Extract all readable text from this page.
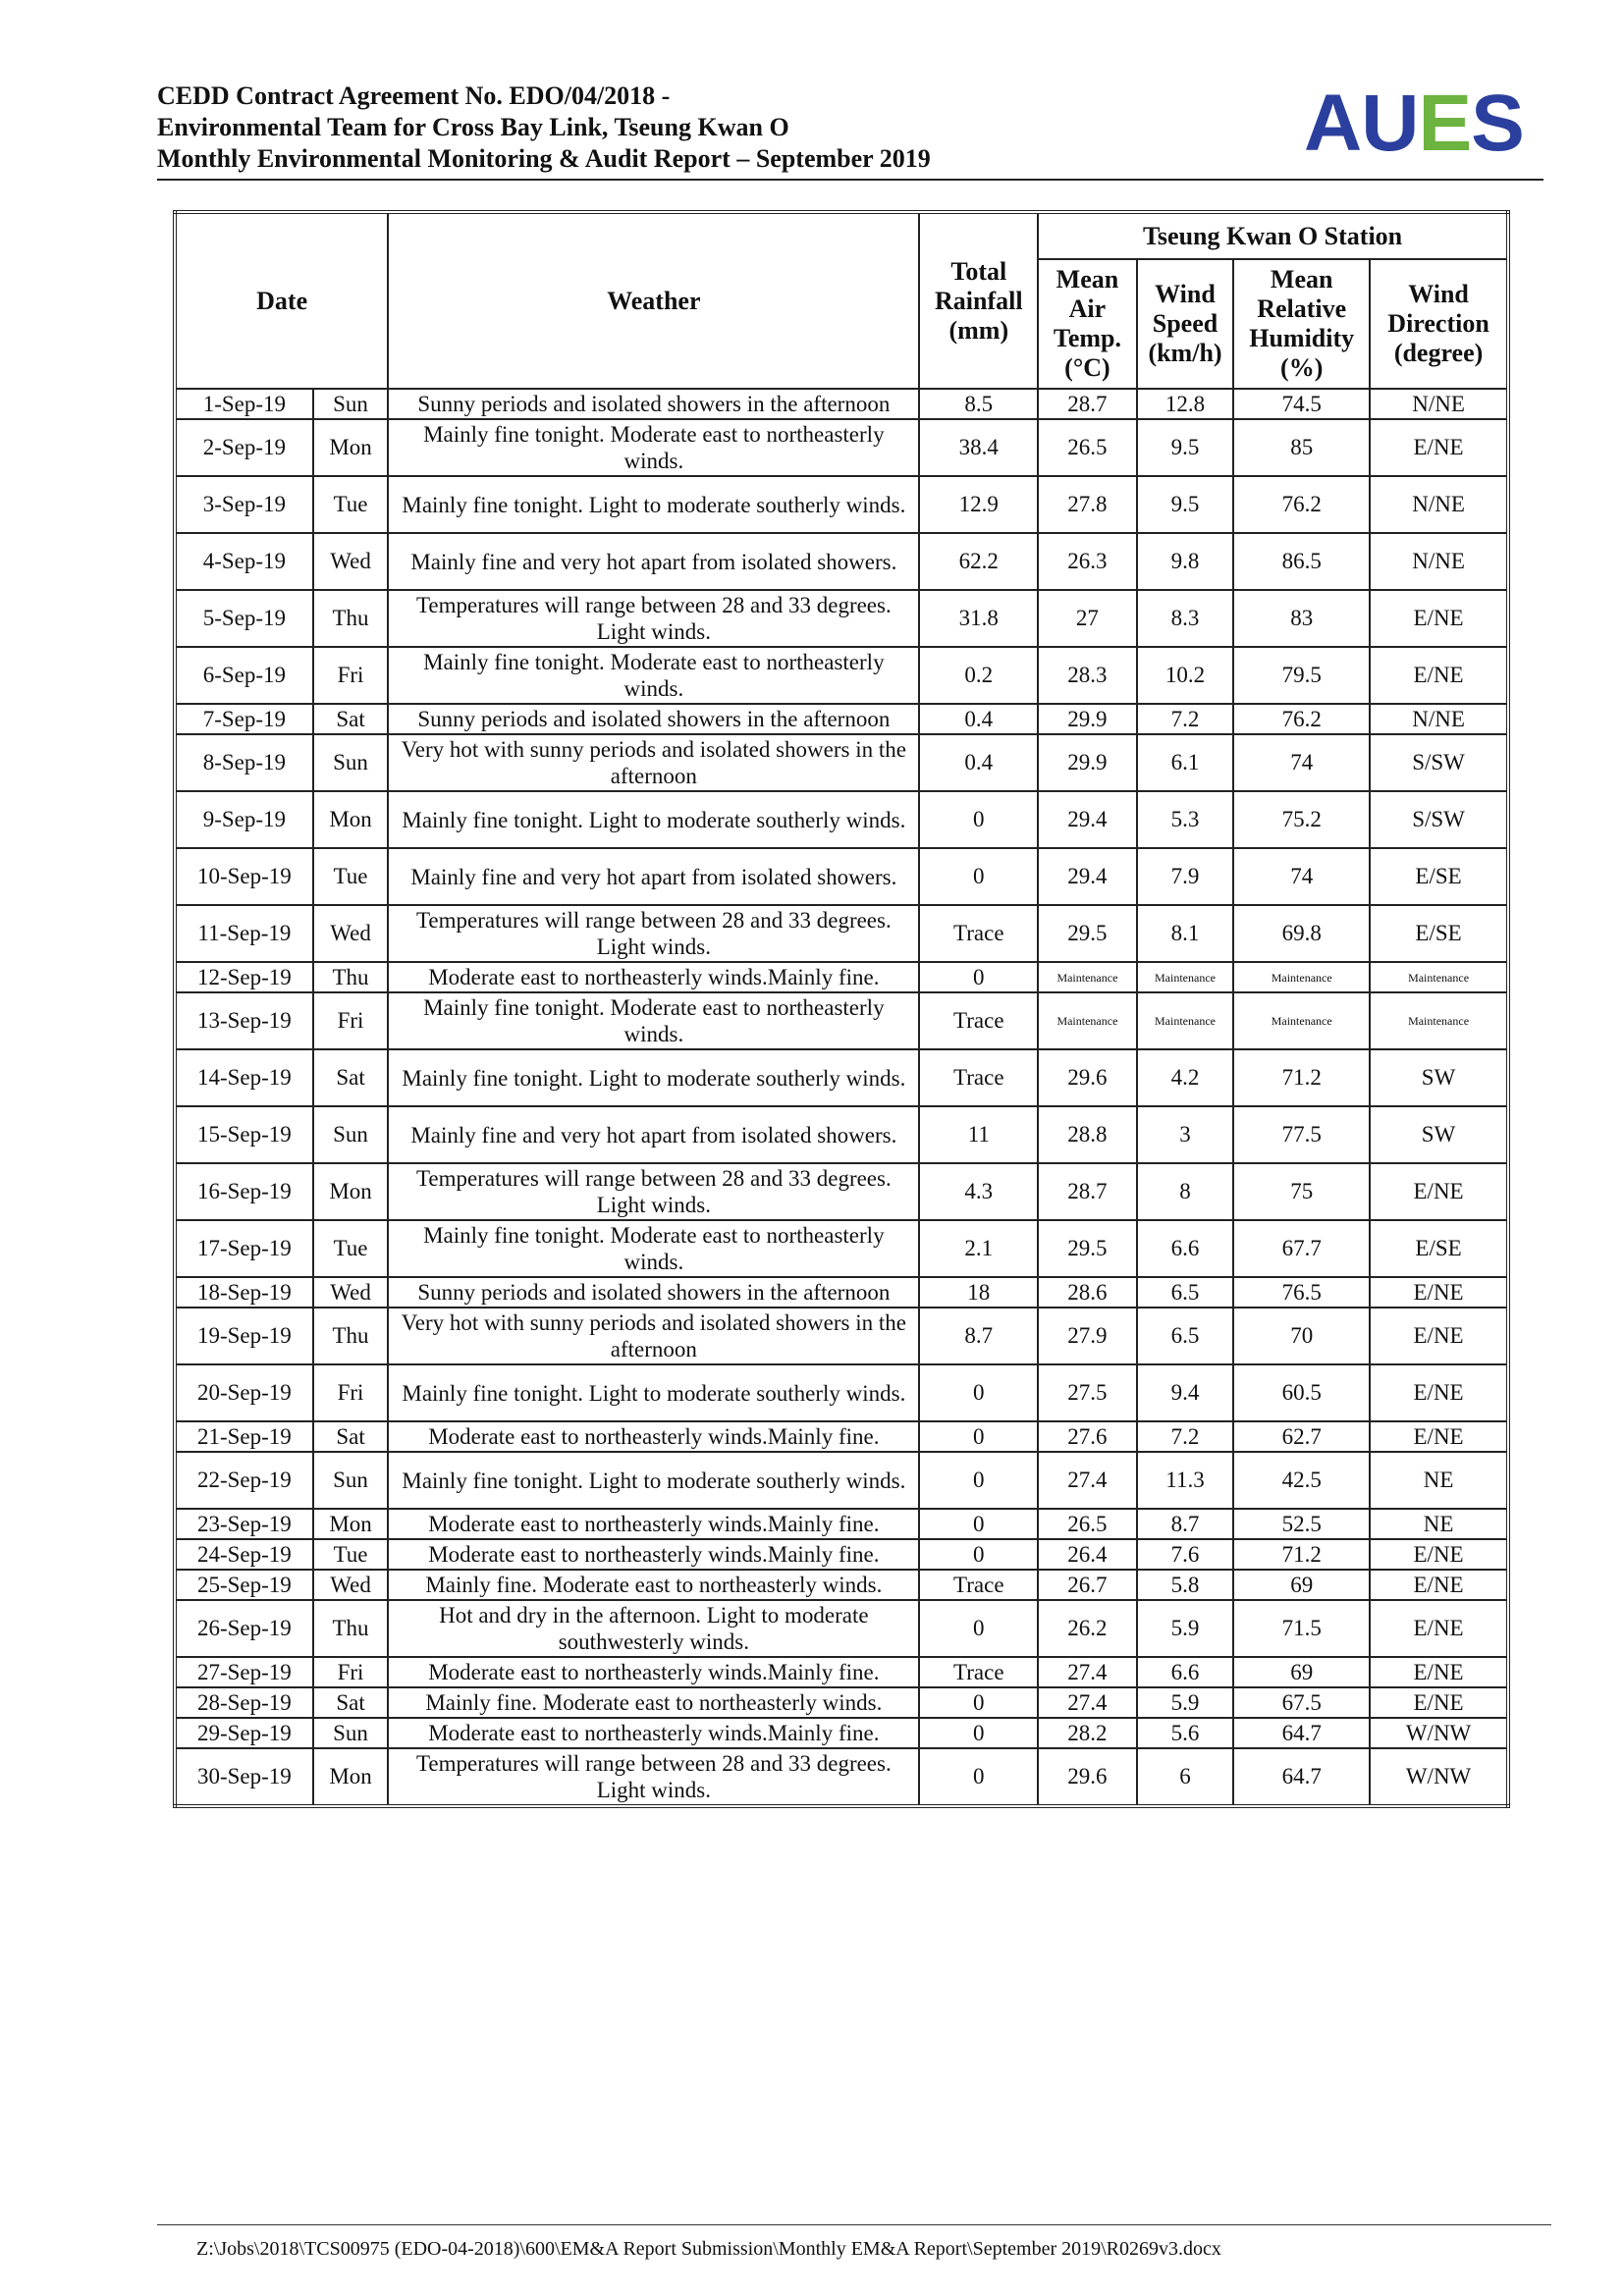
CEDD Contract Agreement No. EDO/04/2018 -
Environmental Team for Cross Bay Link, Tseung Kwan O
Monthly Environmental Monitoring & Audit Report – September 2019	AUES
Date		Weather	Total Rainfall (mm)	Tseung Kwan O Station			
				Mean Air Temp. (°C)	Wind Speed (km/h)	Mean Relative Humidity (%)	Wind Direction (degree)
1-Sep-19	Sun	Sunny periods and isolated showers in the afternoon	8.5	28.7	12.8	74.5	N/NE
2-Sep-19	Mon	Mainly fine tonight. Moderate east to northeasterly winds.	38.4	26.5	9.5	85	E/NE
3-Sep-19	Tue	Mainly fine tonight. Light to moderate southerly winds.	12.9	27.8	9.5	76.2	N/NE
4-Sep-19	Wed	Mainly fine and very hot apart from isolated showers.	62.2	26.3	9.8	86.5	N/NE
5-Sep-19	Thu	Temperatures will range between 28 and 33 degrees. Light winds.	31.8	27	8.3	83	E/NE
6-Sep-19	Fri	Mainly fine tonight. Moderate east to northeasterly winds.	0.2	28.3	10.2	79.5	E/NE
7-Sep-19	Sat	Sunny periods and isolated showers in the afternoon	0.4	29.9	7.2	76.2	N/NE
8-Sep-19	Sun	Very hot with sunny periods and isolated showers in the afternoon	0.4	29.9	6.1	74	S/SW
9-Sep-19	Mon	Mainly fine tonight. Light to moderate southerly winds.	0	29.4	5.3	75.2	S/SW
10-Sep-19	Tue	Mainly fine and very hot apart from isolated showers.	0	29.4	7.9	74	E/SE
11-Sep-19	Wed	Temperatures will range between 28 and 33 degrees. Light winds.	Trace	29.5	8.1	69.8	E/SE
12-Sep-19	Thu	Moderate east to northeasterly winds.Mainly fine.	0	Maintenance	Maintenance	Maintenance	Maintenance
13-Sep-19	Fri	Mainly fine tonight. Moderate east to northeasterly winds.	Trace	Maintenance	Maintenance	Maintenance	Maintenance
14-Sep-19	Sat	Mainly fine tonight. Light to moderate southerly winds.	Trace	29.6	4.2	71.2	SW
15-Sep-19	Sun	Mainly fine and very hot apart from isolated showers.	11	28.8	3	77.5	SW
16-Sep-19	Mon	Temperatures will range between 28 and 33 degrees. Light winds.	4.3	28.7	8	75	E/NE
17-Sep-19	Tue	Mainly fine tonight. Moderate east to northeasterly winds.	2.1	29.5	6.6	67.7	E/SE
18-Sep-19	Wed	Sunny periods and isolated showers in the afternoon	18	28.6	6.5	76.5	E/NE
19-Sep-19	Thu	Very hot with sunny periods and isolated showers in the afternoon	8.7	27.9	6.5	70	E/NE
20-Sep-19	Fri	Mainly fine tonight. Light to moderate southerly winds.	0	27.5	9.4	60.5	E/NE
21-Sep-19	Sat	Moderate east to northeasterly winds.Mainly fine.	0	27.6	7.2	62.7	E/NE
22-Sep-19	Sun	Mainly fine tonight. Light to moderate southerly winds.	0	27.4	11.3	42.5	NE
23-Sep-19	Mon	Moderate east to northeasterly winds.Mainly fine.	0	26.5	8.7	52.5	NE
24-Sep-19	Tue	Moderate east to northeasterly winds.Mainly fine.	0	26.4	7.6	71.2	E/NE
25-Sep-19	Wed	Mainly fine. Moderate east to northeasterly winds.	Trace	26.7	5.8	69	E/NE
26-Sep-19	Thu	Hot and dry in the afternoon. Light to moderate southwesterly winds.	0	26.2	5.9	71.5	E/NE
27-Sep-19	Fri	Moderate east to northeasterly winds.Mainly fine.	Trace	27.4	6.6	69	E/NE
28-Sep-19	Sat	Mainly fine. Moderate east to northeasterly winds.	0	27.4	5.9	67.5	E/NE
29-Sep-19	Sun	Moderate east to northeasterly winds.Mainly fine.	0	28.2	5.6	64.7	W/NW
30-Sep-19	Mon	Temperatures will range between 28 and 33 degrees. Light winds.	0	29.6	6	64.7	W/NW
Z:\Jobs\2018\TCS00975 (EDO-04-2018)\600\EM&A Report Submission\Monthly EM&A Report\September 2019\R0269v3.docx
